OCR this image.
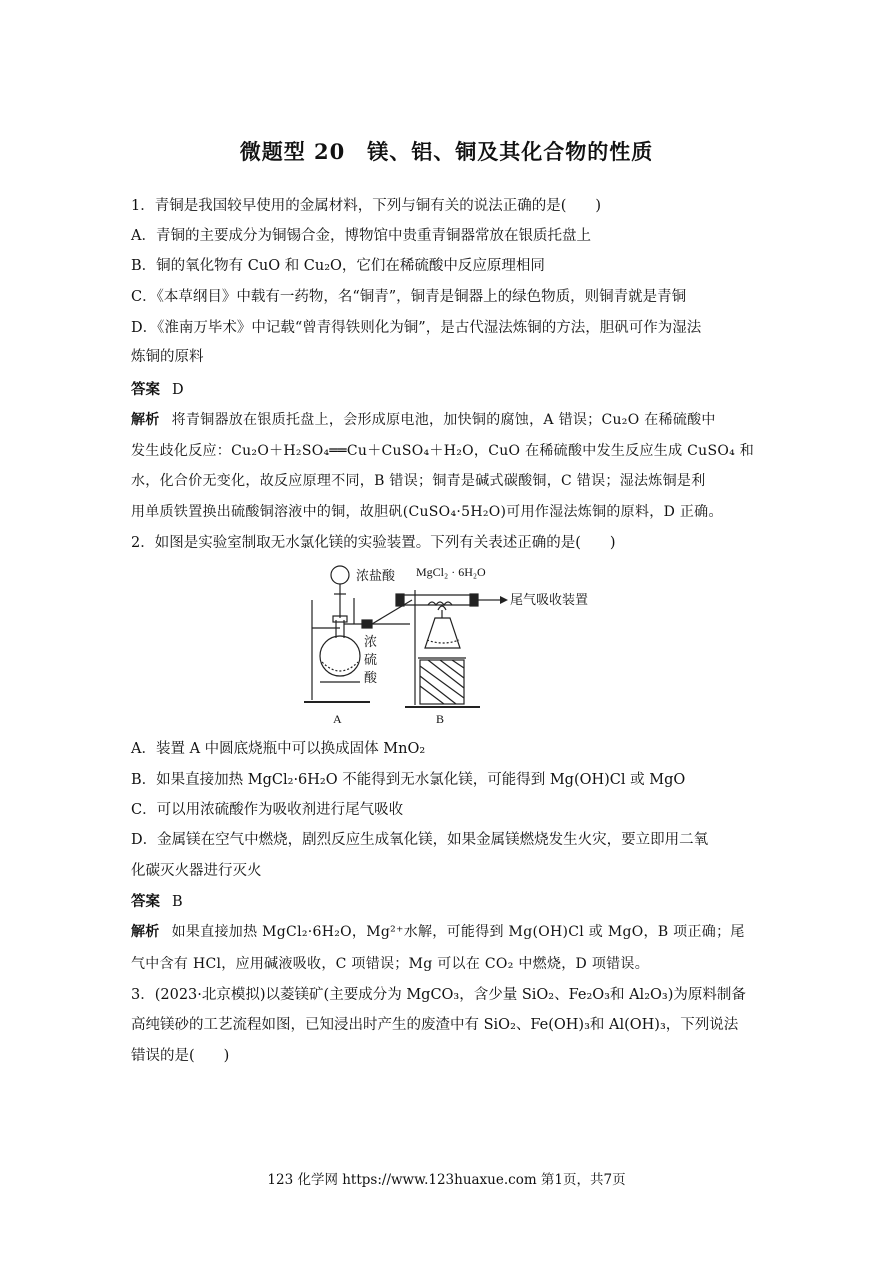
微题型 20　镁、铝、铜及其化合物的性质
1．青铜是我国较早使用的金属材料，下列与铜有关的说法正确的是(　　)
A．青铜的主要成分为铜锡合金，博物馆中贵重青铜器常放在银质托盘上
B．铜的氧化物有 CuO 和 Cu₂O，它们在稀硫酸中反应原理相同
C．《本草纲目》中载有一药物，名“铜青”，铜青是铜器上的绿色物质，则铜青就是青铜
D．《淮南万毕术》中记载“曾青得铁则化为铜”，是古代湿法炼铜的方法，胆矾可作为湿法
炼铜的原料
答案 D
解析 将青铜器放在银质托盘上，会形成原电池，加快铜的腐蚀，A 错误；Cu₂O 在稀硫酸中
发生歧化反应：Cu₂O＋H₂SO₄══Cu＋CuSO₄＋H₂O，CuO 在稀硫酸中发生反应生成 CuSO₄ 和
水，化合价无变化，故反应原理不同，B 错误；铜青是碱式碳酸铜，C 错误；湿法炼铜是利
用单质铁置换出硫酸铜溶液中的铜，故胆矾(CuSO₄·5H₂O)可用作湿法炼铜的原料，D 正确。
2．如图是实验室制取无水氯化镁的实验装置。下列有关表述正确的是(　　)
浓盐酸 MgCl₂ · 6H₂O
尾气吸收装置
浓
硫
酸
A	B
A．装置 A 中圆底烧瓶中可以换成固体 MnO₂
B．如果直接加热 MgCl₂·6H₂O 不能得到无水氯化镁，可能得到 Mg(OH)Cl 或 MgO
C．可以用浓硫酸作为吸收剂进行尾气吸收
D．金属镁在空气中燃烧，剧烈反应生成氧化镁，如果金属镁燃烧发生火灾，要立即用二氧
化碳灭火器进行灭火
答案 B
解析 如果直接加热 MgCl₂·6H₂O，Mg²⁺水解，可能得到 Mg(OH)Cl 或 MgO，B 项正确；尾
气中含有 HCl，应用碱液吸收，C 项错误；Mg 可以在 CO₂ 中燃烧，D 项错误。
3．(2023·北京模拟)以菱镁矿(主要成分为 MgCO₃，含少量 SiO₂、Fe₂O₃和 Al₂O₃)为原料制备
高纯镁砂的工艺流程如图，已知浸出时产生的废渣中有 SiO₂、Fe(OH)₃和 Al(OH)₃，下列说法
错误的是(　　)
123 化学网 https://www.123huaxue.com 第1页，共7页
